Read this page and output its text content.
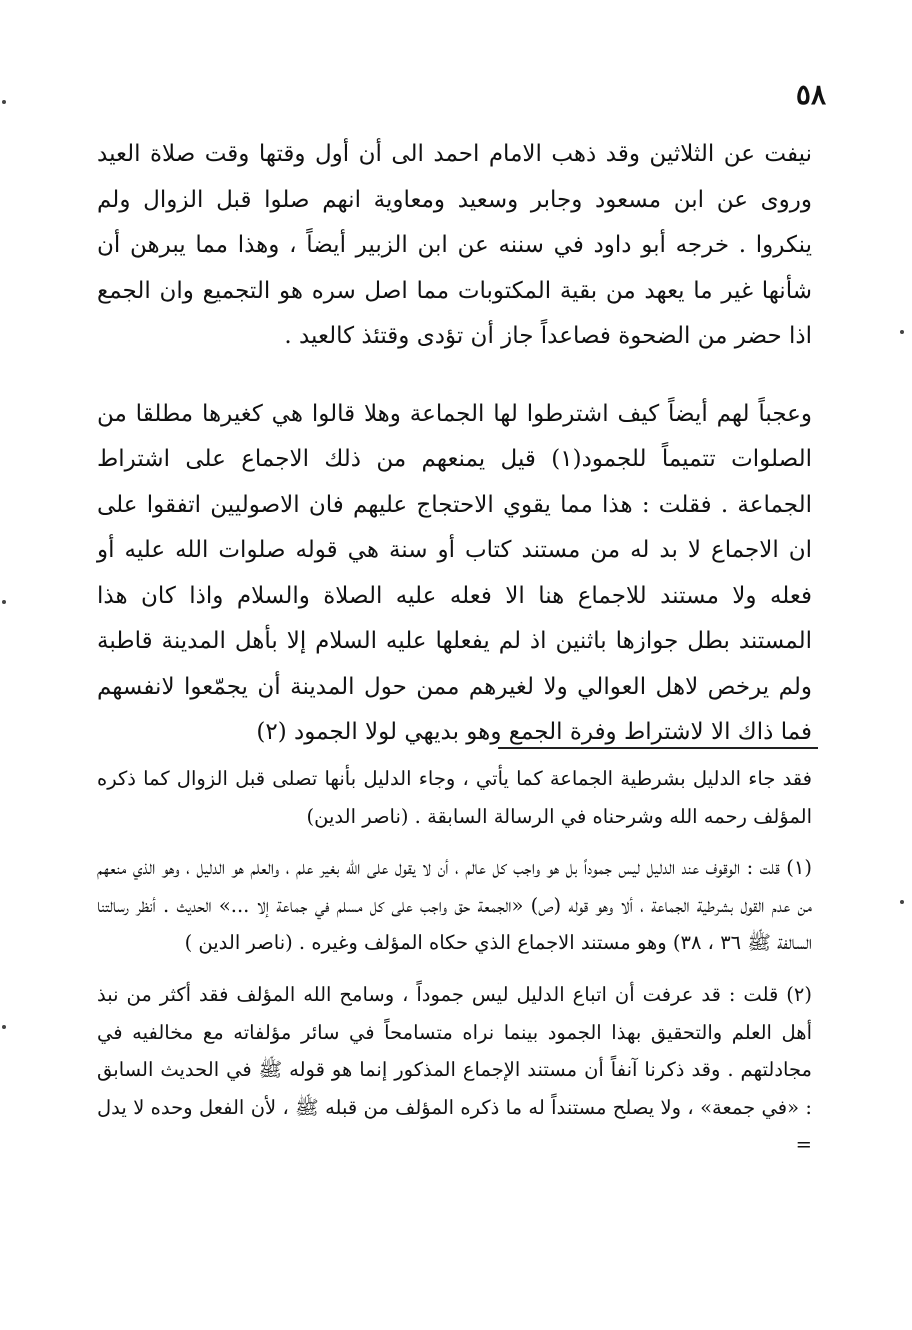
٥٨

نيفت عن الثلاثين وقد ذهب الامام احمد الى أن أول وقتها وقت صلاة العيد وروى عن ابن مسعود وجابر وسعيد ومعاوية انهم صلوا قبل الزوال ولم ينكروا . خرجه أبو داود في سننه عن ابن الزبير أيضاً ، وهذا مما يبرهن أن شأنها غير ما يعهد من بقية المكتوبات مما اصل سره هو التجميع وان الجمع اذا حضر من الضحوة فصاعداً جاز أن تؤدى وقتئذ كالعيد .

وعجباً لهم أيضاً كيف اشترطوا لها الجماعة وهلا قالوا هي كغيرها مطلقا من الصلوات تتميماً للجمود(١) قيل يمنعهم من ذلك الاجماع على اشتراط الجماعة . فقلت : هذا مما يقوي الاحتجاج عليهم فان الاصوليين اتفقوا على ان الاجماع لا بد له من مستند كتاب أو سنة هي قوله صلوات الله عليه أو فعله ولا مستند للاجماع هنا الا فعله عليه الصلاة والسلام واذا كان هذا المستند بطل جوازها باثنين اذ لم يفعلها عليه السلام إلا بأهل المدينة قاطبة ولم يرخص لاهل العوالي ولا لغيرهم ممن حول المدينة أن يجمّعوا لانفسهم فما ذاك الا لاشتراط وفرة الجمع وهو بديهي لولا الجمود (٢)

فقد جاء الدليل بشرطية الجماعة كما يأتي ، وجاء الدليل بأنها تصلى قبل الزوال كما ذكره المؤلف رحمه الله وشرحناه في الرسالة السابقة . (ناصر الدين)

(١) قلت : الوقوف عند الدليل ليس جموداً بل هو واجب كل عالم ، أن لا يقول على الله بغير علم ، والعلم هو الدليل ، وهو الذي منعهم من عدم القول بشرطية الجماعة ، ألا وهو قوله (ص) «الجمعة حق واجب على كل مسلم في جماعة إلا ...» الحديث . أنظر رسالتنا السالفة ﷺ ٣٦ ، ٣٨) وهو مستند الاجماع الذي حكاه المؤلف وغيره . (ناصر الدين )

(٢) قلت : قد عرفت أن اتباع الدليل ليس جموداً ، وسامح الله المؤلف فقد أكثر من نبذ أهل العلم والتحقيق بهذا الجمود بينما نراه متسامحاً في سائر مؤلفاته مع مخالفيه في مجادلتهم . وقد ذكرنا آنفاً أن مستند الإجماع المذكور إنما هو قوله ﷺ في الحديث السابق : «في جمعة» ، ولا يصلح مستنداً له ما ذكره المؤلف من قبله ﷺ ، لأن الفعل وحده لا يدل =
